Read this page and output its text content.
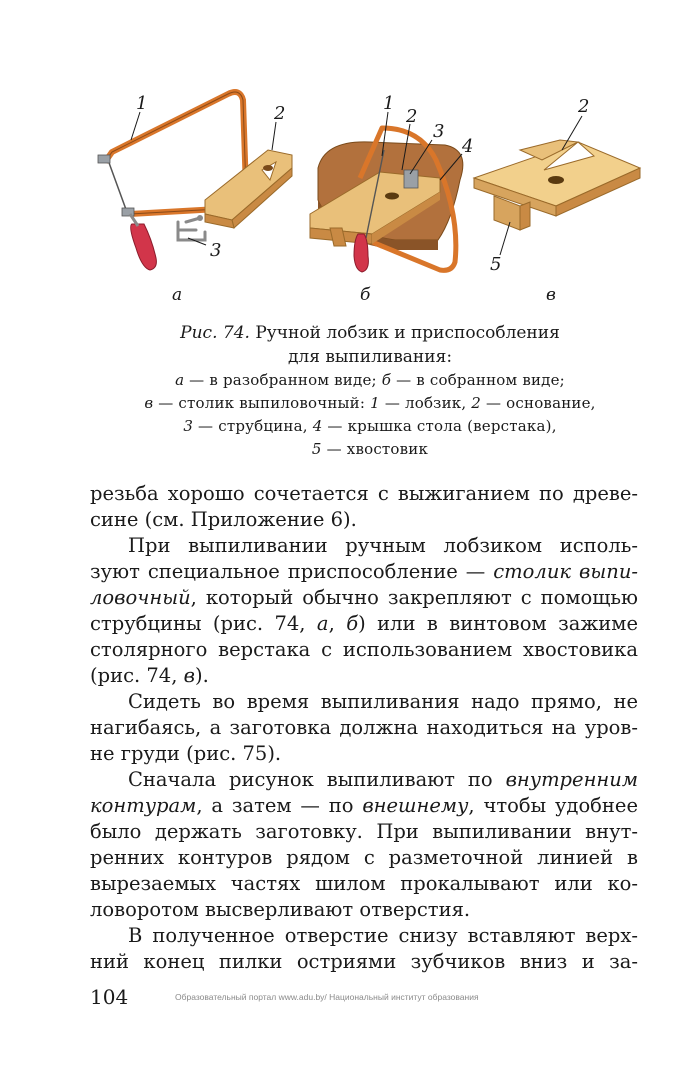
1	2
3
1
2
3
4
2
5
а	б	в
Рис. 74. Ручной лобзик и приспособления
для выпиливания:
а — в разобранном виде; б — в собранном виде;
в — столик выпиловочный: 1 — лобзик, 2 — основание,
3 — струбцина, 4 — крышка стола (верстака),
5 — хвостовик
резьба хорошо сочетается с выжиганием по древе-
сине (см. Приложение 6).
При выпиливании ручным лобзиком исполь-
зуют специальное приспособление — столик выпи-
ловочный, который обычно закрепляют с помощью
струбцины (рис. 74, а, б) или в винтовом зажиме
столярного верстака с использованием хвостовика
(рис. 74, в).
Сидеть во время выпиливания надо прямо, не
нагибаясь, а заготовка должна находиться на уров-
не груди (рис. 75).
Сначала рисунок выпиливают по внутренним
контурам, а затем — по внешнему, чтобы удобнее
было держать заготовку. При выпиливании внут-
ренних контуров рядом с разметочной линией в
вырезаемых частях шилом прокалывают или ко-
ловоротом высверливают отверстия.
В полученное отверстие снизу вставляют верх-
ний конец пилки остриями зубчиков вниз и за-
104	Образовательный портал www.adu.by/ Национальный институт образования
